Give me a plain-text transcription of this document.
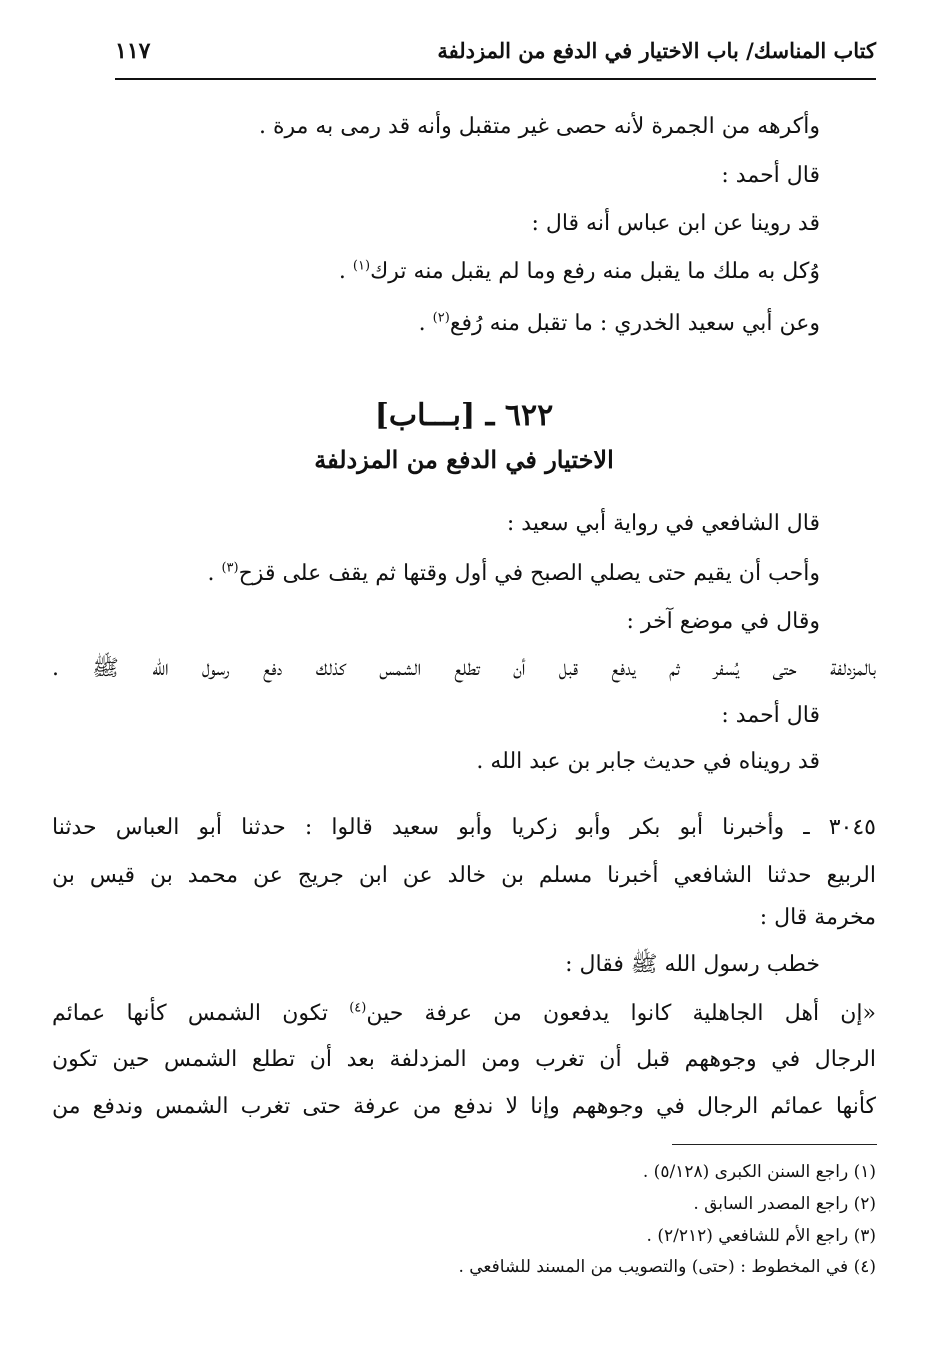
كتاب المناسك/ باب الاختيار في الدفع من المزدلفة
١١٧
وأكرهه من الجمرة لأنه حصى غير متقبل وأنه قد رمى به مرة .
قال أحمد :
قد روينا عن ابن عباس أنه قال :
وُكل به ملك ما يقبل منه رفع وما لم يقبل منه ترك$^{(١)}$ .
وعن أبي سعيد الخدري : ما تقبل منه رُفع$^{(٢)}$ .
٦٢٢ ـ [بـــاب]
الاختيار في الدفع من المزدلفة
قال الشافعي في رواية أبي سعيد :
وأحب أن يقيم حتى يصلي الصبح في أول وقتها ثم يقف على قزح$^{(٣)}$ .
وقال في موضع آخر :
بالمزدلفة حتى يُسفر ثم يدفع قبل أن تطلع الشمس كذلك دفع رسول الله ﷺ .
قال أحمد :
قد رويناه في حديث جابر بن عبد الله .
٣٠٤٥ ـ وأخبرنا أبو بكر وأبو زكريا وأبو سعيد قالوا : حدثنا أبو العباس حدثنا
الربيع حدثنا الشافعي أخبرنا مسلم بن خالد عن ابن جريج عن محمد بن قيس بن
مخرمة قال :
خطب رسول الله ﷺ فقال :
«إن أهل الجاهلية كانوا يدفعون من عرفة حين$^{(٤)}$ تكون الشمس كأنها عمائم
الرجال في وجوههم قبل أن تغرب ومن المزدلفة بعد أن تطلع الشمس حين تكون
كأنها عمائم الرجال في وجوههم وإنا لا ندفع من عرفة حتى تغرب الشمس وندفع من
(١) راجع السنن الكبرى (٥/١٢٨) .
(٢) راجع المصدر السابق .
(٣) راجع الأم للشافعي (٢/٢١٢) .
(٤) في المخطوط : (حتى) والتصويب من المسند للشافعي .
